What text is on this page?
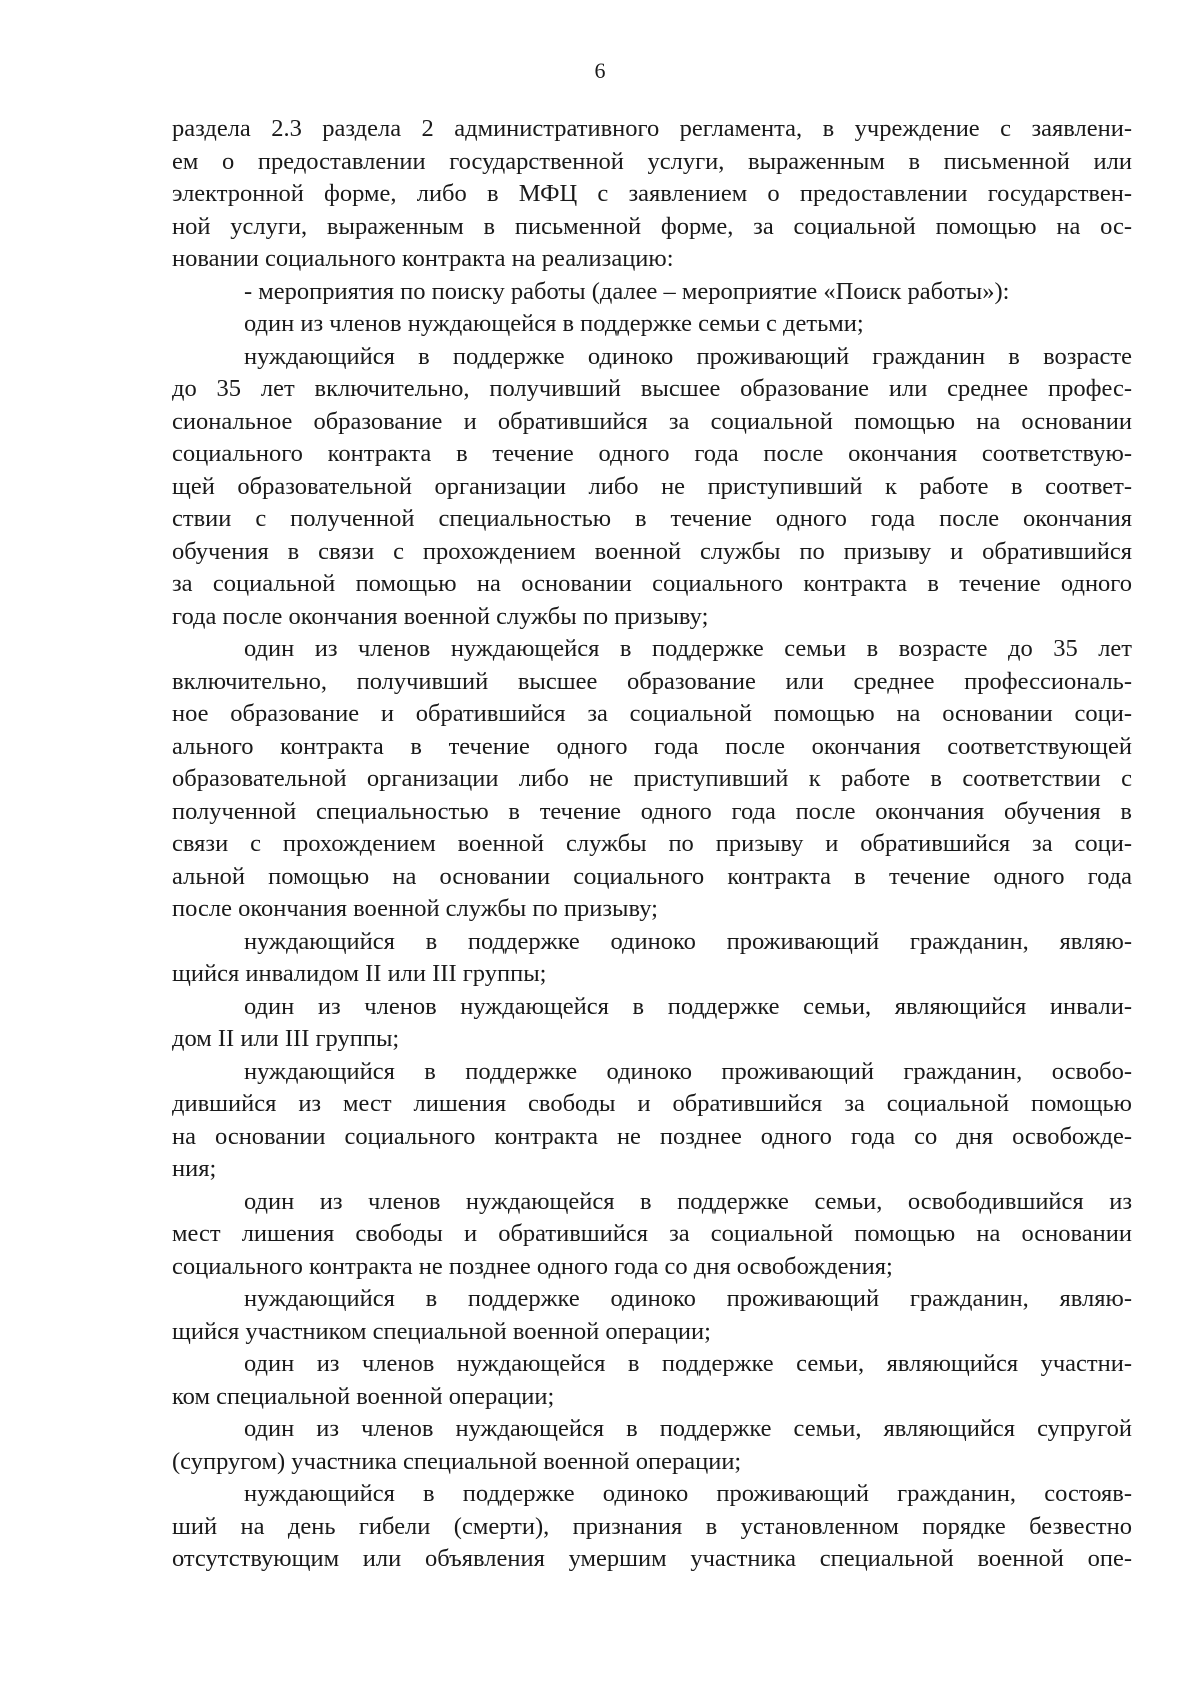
6
раздела 2.3 раздела 2 административного регламента, в учреждение с заявлени-
ем о предоставлении государственной услуги, выраженным в письменной или
электронной форме, либо в МФЦ с заявлением о предоставлении государствен-
ной услуги, выраженным в письменной форме, за социальной помощью на ос-
новании социального контракта на реализацию:
- мероприятия по поиску работы (далее – мероприятие «Поиск работы»):
один из членов нуждающейся в поддержке семьи с детьми;
нуждающийся в поддержке одиноко проживающий гражданин в возрасте
до 35 лет включительно, получивший высшее образование или среднее профес-
сиональное образование и обратившийся за социальной помощью на основании
социального контракта в течение одного года после окончания соответствую-
щей образовательной организации либо не приступивший к работе в соответ-
ствии с полученной специальностью в течение одного года после окончания
обучения в связи с прохождением военной службы по призыву и обратившийся
за социальной помощью на основании социального контракта в течение одного
года после окончания военной службы по призыву;
один из членов нуждающейся в поддержке семьи в возрасте до 35 лет
включительно, получивший высшее образование или среднее профессиональ-
ное образование и обратившийся за социальной помощью на основании соци-
ального контракта в течение одного года после окончания соответствующей
образовательной организации либо не приступивший к работе в соответствии с
полученной специальностью в течение одного года после окончания обучения в
связи с прохождением военной службы по призыву и обратившийся за соци-
альной помощью на основании социального контракта в течение одного года
после окончания военной службы по призыву;
нуждающийся в поддержке одиноко проживающий гражданин, являю-
щийся инвалидом II или III группы;
один из членов нуждающейся в поддержке семьи, являющийся инвали-
дом II или III группы;
нуждающийся в поддержке одиноко проживающий гражданин, освобо-
дившийся из мест лишения свободы и обратившийся за социальной помощью
на основании социального контракта не позднее одного года со дня освобожде-
ния;
один из членов нуждающейся в поддержке семьи, освободившийся из
мест лишения свободы и обратившийся за социальной помощью на основании
социального контракта не позднее одного года со дня освобождения;
нуждающийся в поддержке одиноко проживающий гражданин, являю-
щийся участником специальной военной операции;
один из членов нуждающейся в поддержке семьи, являющийся участни-
ком специальной военной операции;
один из членов нуждающейся в поддержке семьи, являющийся супругой
(супругом) участника специальной военной операции;
нуждающийся в поддержке одиноко проживающий гражданин, состояв-
ший на день гибели (смерти), признания в установленном порядке безвестно
отсутствующим или объявления умершим участника специальной военной опе-
